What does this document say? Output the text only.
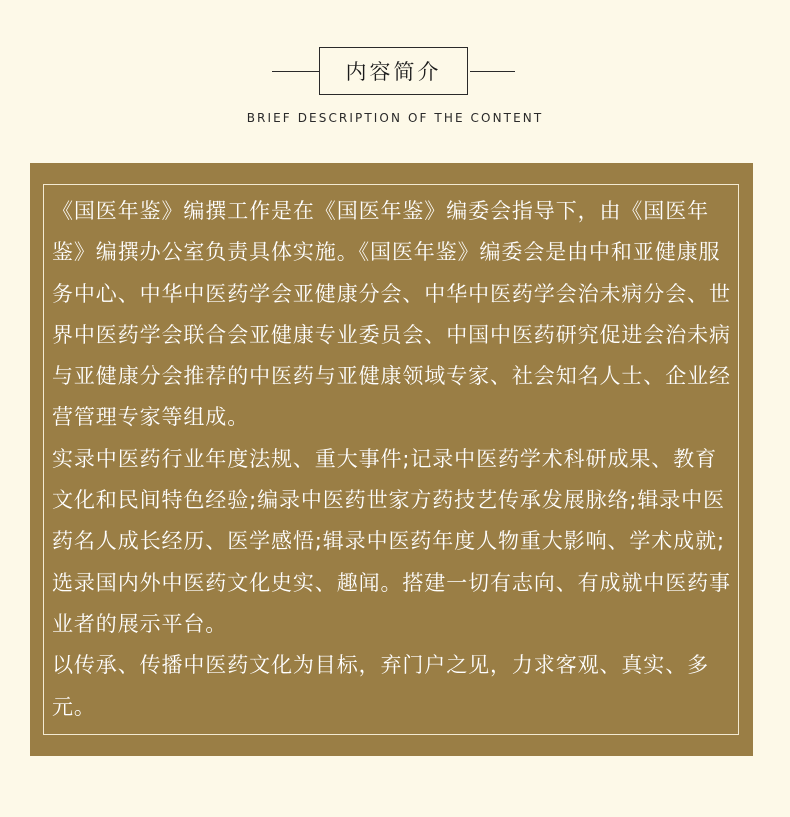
内容简介
BRIEF DESCRIPTION OF THE CONTENT

《国医年鉴》编撰工作是在《国医年鉴》编委会指导下，由《国医年鉴》编撰办公室负责具体实施。《国医年鉴》编委会是由中和亚健康服务中心、中华中医药学会亚健康分会、中华中医药学会治未病分会、世界中医药学会联合会亚健康专业委员会、中国中医药研究促进会治未病与亚健康分会推荐的中医药与亚健康领域专家、社会知名人士、企业经营管理专家等组成。

实录中医药行业年度法规、重大事件;记录中医药学术科研成果、教育文化和民间特色经验;编录中医药世家方药技艺传承发展脉络;辑录中医药名人成长经历、医学感悟;辑录中医药年度人物重大影响、学术成就;选录国内外中医药文化史实、趣闻。搭建一切有志向、有成就中医药事业者的展示平台。

以传承、传播中医药文化为目标，弃门户之见，力求客观、真实、多元。
